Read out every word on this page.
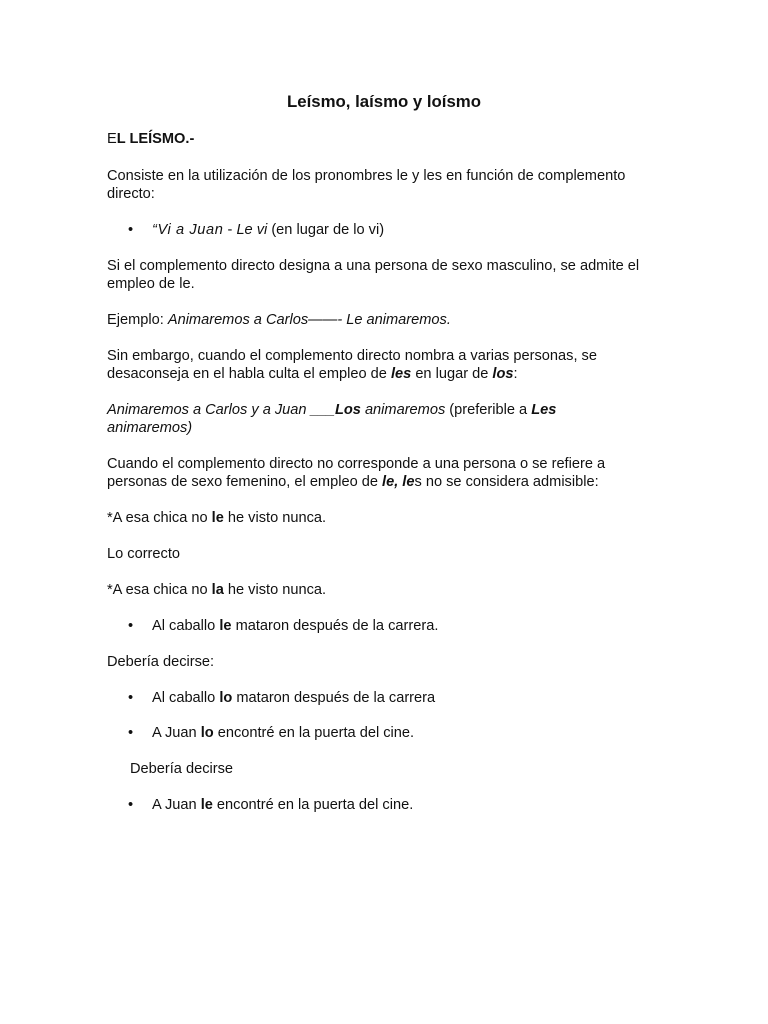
Leísmo, laísmo y loísmo
EL LEÍSMO.-
Consiste en la utilización de los pronombres le y les en función de complemento
directo:
• “Vi a Juan - Le vi (en lugar de lo vi)
Si el complemento directo designa a una persona de sexo masculino, se admite el
empleo de le.
Ejemplo: Animaremos a Carlos——- Le animaremos.
Sin embargo, cuando el complemento directo nombra a varias personas, se
desaconseja en el habla culta el empleo de les en lugar de los:
Animaremos a Carlos y a Juan ___Los animaremos (preferible a Les
animaremos)
Cuando el complemento directo no corresponde a una persona o se refiere a
personas de sexo femenino, el empleo de le, les no se considera admisible:
*A esa chica no le he visto nunca.
Lo correcto
*A esa chica no la he visto nunca.
• Al caballo le mataron después de la carrera.
Debería decirse:
• Al caballo lo mataron después de la carrera
• A Juan lo encontré en la puerta del cine.
Debería decirse
• A Juan le encontré en la puerta del cine.
